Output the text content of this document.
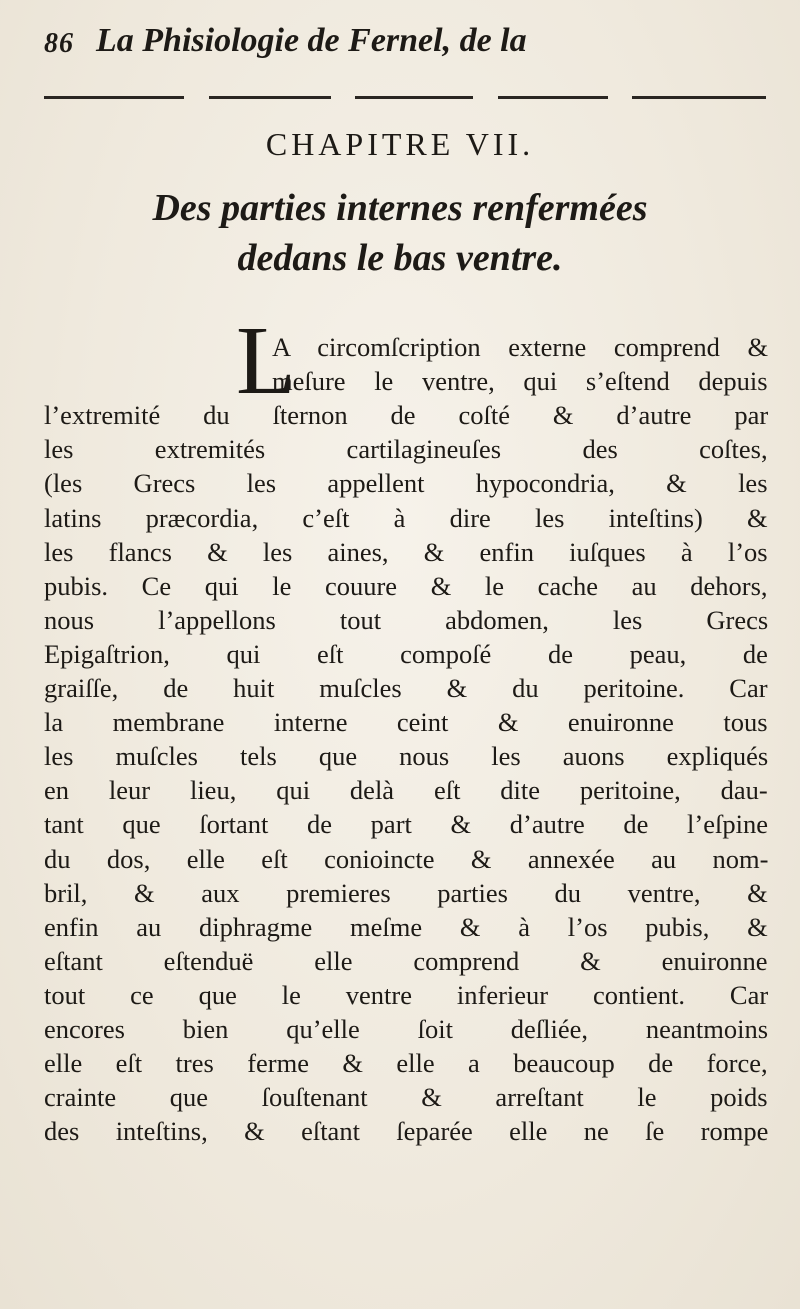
86 La Phisiologie de Fernel, de la
CHAPITRE VII.
Des parties internes renfermées
dedans le bas ventre.
L
A circomſcription externe comprend &
meſure le ventre, qui s’eſtend depuis
l’extremité du ſternon de coſté & d’autre par
les extremités cartilagineuſes des coſtes,
(les Grecs les appellent hypocondria, & les
latins præcordia, c’eſt à dire les inteſtins) &
les flancs & les aines, & enfin iuſques à l’os
pubis. Ce qui le couure & le cache au dehors,
nous l’appellons tout abdomen, les Grecs
Epigaſtrion, qui eſt compoſé de peau, de
graiſſe, de huit muſcles & du peritoine. Car
la membrane interne ceint & enuironne tous
les muſcles tels que nous les auons expliqués
en leur lieu, qui delà eſt dite peritoine, dau-
tant que ſortant de part & d’autre de l’eſpine
du dos, elle eſt conioincte & annexée au nom-
bril, & aux premieres parties du ventre, &
enfin au diphragme meſme & à l’os pubis, &
eſtant eſtenduë elle comprend & enuironne
tout ce que le ventre inferieur contient. Car
encores bien qu’elle ſoit deſliée, neantmoins
elle eſt tres ferme & elle a beaucoup de force,
crainte que ſouſtenant & arreſtant le poids
des inteſtins, & eſtant ſeparée elle ne ſe rompe
